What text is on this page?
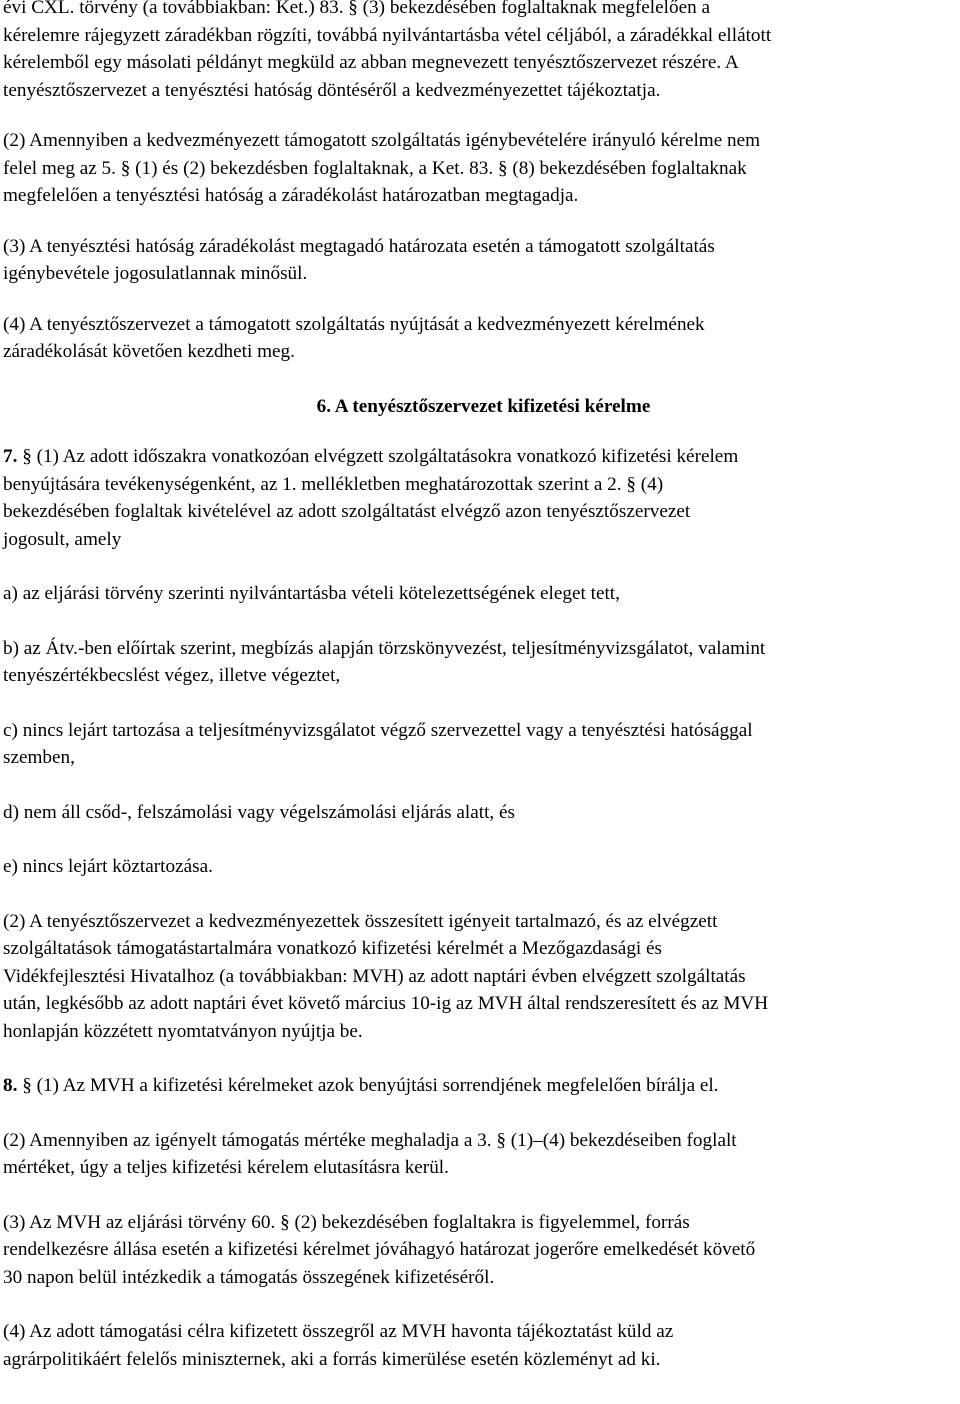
évi CXL. törvény (a továbbiakban: Ket.) 83. § (3) bekezdésében foglaltaknak megfelelően a
kérelemre rájegyzett záradékban rögzíti, továbbá nyilvántartásba vétel céljából, a záradékkal ellátott
kérelemből egy másolati példányt megküld az abban megnevezett tenyésztőszervezet részére. A
tenyésztőszervezet a tenyésztési hatóság döntéséről a kedvezményezettet tájékoztatja.

(2) Amennyiben a kedvezményezett támogatott szolgáltatás igénybevételére irányuló kérelme nem
felel meg az 5. § (1) és (2) bekezdésben foglaltaknak, a Ket. 83. § (8) bekezdésében foglaltaknak
megfelelően a tenyésztési hatóság a záradékolást határozatban megtagadja.

(3) A tenyésztési hatóság záradékolást megtagadó határozata esetén a támogatott szolgáltatás
igénybevétele jogosulatlannak minősül.

(4) A tenyésztőszervezet a támogatott szolgáltatás nyújtását a kedvezményezett kérelmének
záradékolását követően kezdheti meg.

6. A tenyésztőszervezet kifizetési kérelme

7. § (1) Az adott időszakra vonatkozóan elvégzett szolgáltatásokra vonatkozó kifizetési kérelem
benyújtására tevékenységenként, az 1. mellékletben meghatározottak szerint a 2. § (4)
bekezdésében foglaltak kivételével az adott szolgáltatást elvégző azon tenyésztőszervezet
jogosult, amely

a) az eljárási törvény szerinti nyilvántartásba vételi kötelezettségének eleget tett,

b) az Átv.-ben előírtak szerint, megbízás alapján törzskönyvezést, teljesítményvizsgálatot, valamint
tenyészértékbecslést végez, illetve végeztet,

c) nincs lejárt tartozása a teljesítményvizsgálatot végző szervezettel vagy a tenyésztési hatósággal
szemben,

d) nem áll csőd-, felszámolási vagy végelszámolási eljárás alatt, és

e) nincs lejárt köztartozása.

(2) A tenyésztőszervezet a kedvezményezettek összesített igényeit tartalmazó, és az elvégzett
szolgáltatások támogatástartalmára vonatkozó kifizetési kérelmét a Mezőgazdasági és
Vidékfejlesztési Hivatalhoz (a továbbiakban: MVH) az adott naptári évben elvégzett szolgáltatás
után, legkésőbb az adott naptári évet követő március 10-ig az MVH által rendszeresített és az MVH
honlapján közzétett nyomtatványon nyújtja be.

8. § (1) Az MVH a kifizetési kérelmeket azok benyújtási sorrendjének megfelelően bírálja el.

(2) Amennyiben az igényelt támogatás mértéke meghaladja a 3. § (1)–(4) bekezdéseiben foglalt
mértéket, úgy a teljes kifizetési kérelem elutasításra kerül.

(3) Az MVH az eljárási törvény 60. § (2) bekezdésében foglaltakra is figyelemmel, forrás
rendelkezésre állása esetén a kifizetési kérelmet jóváhagyó határozat jogerőre emelkedését követő
30 napon belül intézkedik a támogatás összegének kifizetéséről.

(4) Az adott támogatási célra kifizetett összegről az MVH havonta tájékoztatást küld az
agrárpolitikáért felelős miniszternek, aki a forrás kimerülése esetén közleményt ad ki.
